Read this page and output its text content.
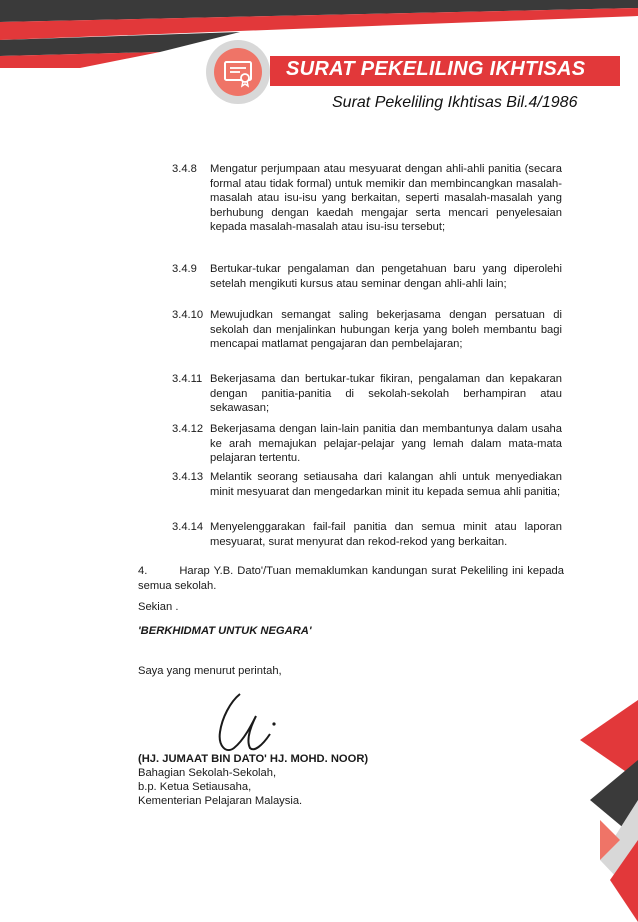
SURAT PEKELILING IKHTISAS
Surat Pekeliling Ikhtisas Bil.4/1986
3.4.8 Mengatur perjumpaan atau mesyuarat dengan ahli-ahli panitia (secara formal atau tidak formal) untuk memikir dan membincangkan masalah-masalah atau isu-isu yang berkaitan, seperti masalah-masalah yang berhubung dengan kaedah mengajar serta mencari penyelesaian kepada masalah-masalah atau isu-isu tersebut;
3.4.9 Bertukar-tukar pengalaman dan pengetahuan baru yang diperolehi setelah mengikuti kursus atau seminar dengan ahli-ahli lain;
3.4.10 Mewujudkan semangat saling bekerjasama dengan persatuan di sekolah dan menjalinkan hubungan kerja yang boleh membantu bagi mencapai matlamat pengajaran dan pembelajaran;
3.4.11 Bekerjasama dan bertukar-tukar fikiran, pengalaman dan kepakaran dengan panitia-panitia di sekolah-sekolah berhampiran atau sekawasan;
3.4.12 Bekerjasama dengan lain-lain panitia dan membantunya dalam usaha ke arah memajukan pelajar-pelajar yang lemah dalam mata-mata pelajaran tertentu.
3.4.13 Melantik seorang setiausaha dari kalangan ahli untuk menyediakan minit mesyuarat dan mengedarkan minit itu kepada semua ahli panitia;
3.4.14 Menyelenggarakan fail-fail panitia dan semua minit atau laporan mesyuarat, surat menyurat dan rekod-rekod yang berkaitan.
4.        Harap Y.B. Dato'/Tuan memaklumkan kandungan surat Pekeliling ini kepada semua sekolah.
Sekian .
'BERKHIDMAT UNTUK NEGARA'
Saya yang menurut perintah,
(HJ. JUMAAT BIN DATO' HJ. MOHD. NOOR)
Bahagian Sekolah-Sekolah,
b.p. Ketua Setiausaha,
Kementerian Pelajaran Malaysia.
